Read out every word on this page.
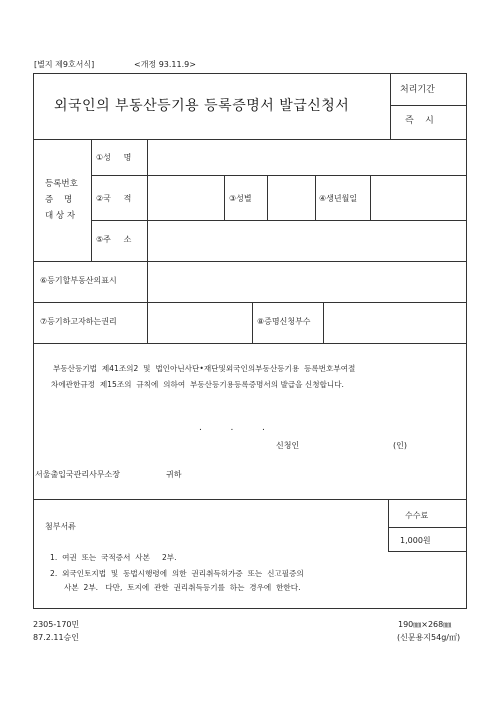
[별지 제9호서식]	<개정 93.11.9>
외국인의 부동산등기용 등록증명서 발급신청서
처리기간
즉    시
등록번호
증    명
대 상 자
①성     명
②국     적	③성별	④생년월일
⑤주     소
⑥등기할부동산의표시
⑦등기하고자하는권리	⑧증명신청부수
부동산등기법  제41조의2  및  법인아닌사단•재단및외국인의부동산등기용  등록번호부여절
차에관한규정  제15조의  규칙에  의하여  부동산등기용등록증명서의 발급을 신청합니다.
.          .          .
신청인	(인)
서울출입국관리사무소장	귀하
첨부서류
1.  여권  또는  국적증서  사본     2부.
2.  외국인토지법  및  동법시행령에  의한  권리취득허가증  또는  신고필증의
사본  2부.   다만,  토지에  관한  권리취득등기를  하는  경우에  한한다.
수수료
1,000원
2305-170민
87.2.11승인
190㎜×268㎜
(신문용지54g/㎡)
